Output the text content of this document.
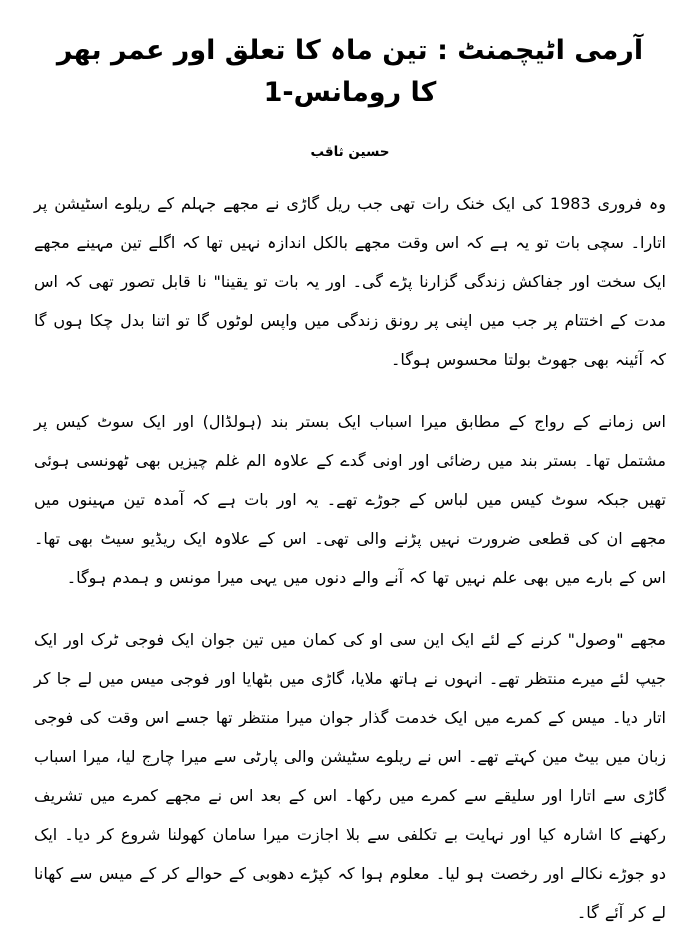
آرمی اٹیچمنٹ : تین ماہ کا تعلق اور عمر بھر کا رومانس-1
حسین ثاقب

وہ فروری 1983 کی ایک خنک رات تھی جب ریل گاڑی نے مجھے جہلم کے ریلوے اسٹیشن پر اتارا۔ سچی بات تو یہ ہے کہ اس وقت مجھے بالکل اندازہ نہیں تھا کہ اگلے تین مہینے مجھے ایک سخت اور جفاکش زندگی گزارنا پڑے گی۔ اور یہ بات تو یقینا" نا قابل تصور تھی کہ اس مدت کے اختتام پر جب میں اپنی پر رونق زندگی میں واپس لوٹوں گا تو اتنا بدل چکا ہوں گا کہ آئینہ بھی جھوٹ بولتا محسوس ہوگا۔

اس زمانے کے رواج کے مطابق میرا اسباب ایک بستر بند (ہولڈال) اور ایک سوٹ کیس پر مشتمل تھا۔ بستر بند میں رضائی اور اونی گدے کے علاوہ الم غلم چیزیں بھی ٹھونسی ہوئی تھیں جبکہ سوٹ کیس میں لباس کے جوڑے تھے۔ یہ اور بات ہے کہ آمدہ تین مہینوں میں مجھے ان کی قطعی ضرورت نہیں پڑنے والی تھی۔ اس کے علاوہ ایک ریڈیو سیٹ بھی تھا۔ اس کے بارے میں بھی علم نہیں تھا کہ آنے والے دنوں میں یہی میرا مونس و ہمدم ہوگا۔

مجھے "وصول" کرنے کے لئے ایک این سی او کی کمان میں تین جوان ایک فوجی ٹرک اور ایک جیپ لئے میرے منتظر تھے۔ انہوں نے ہاتھ ملایا، گاڑی میں بٹھایا اور فوجی میس میں لے جا کر اتار دیا۔ میس کے کمرے میں ایک خدمت گذار جوان میرا منتظر تھا جسے اس وقت کی فوجی زبان میں بیٹ مین کہتے تھے۔ اس نے ریلوے سٹیشن والی پارٹی سے میرا چارج لیا، میرا اسباب گاڑی سے اتارا اور سلیقے سے کمرے میں رکھا۔ اس کے بعد اس نے مجھے کمرے میں تشریف رکھنے کا اشارہ کیا اور نہایت بے تکلفی سے بلا اجازت میرا سامان کھولنا شروع کر دیا۔ ایک دو جوڑے نکالے اور رخصت ہو لیا۔ معلوم ہوا کہ کپڑے دھوبی کے حوالے کر کے میس سے کھانا لے کر آئے گا۔
